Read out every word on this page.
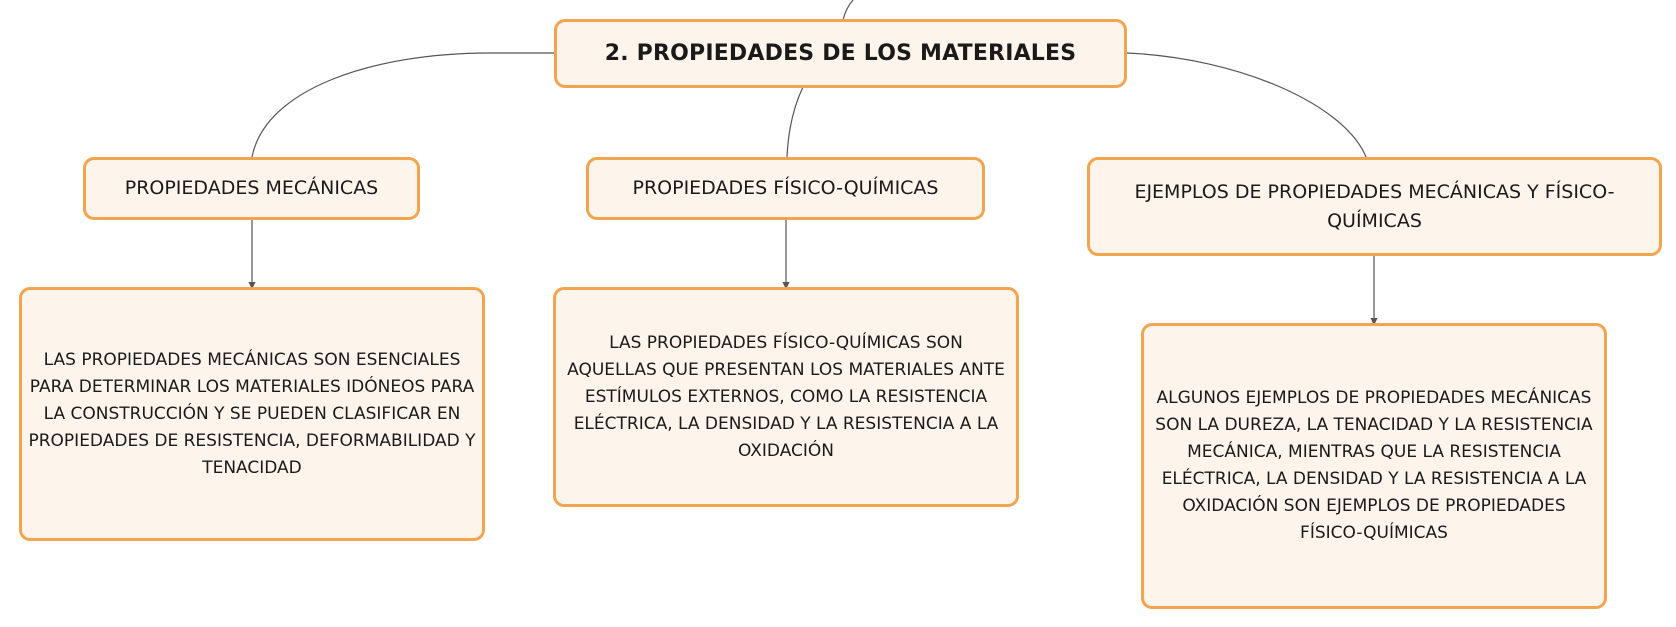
2. PROPIEDADES DE LOS MATERIALES
PROPIEDADES MECÁNICAS	PROPIEDADES FÍSICO-QUÍMICAS	EJEMPLOS DE PROPIEDADES MECÁNICAS Y FÍSICO-QUÍMICAS
LAS PROPIEDADES MECÁNICAS SON ESENCIALES PARA DETERMINAR LOS MATERIALES IDÓNEOS PARA LA CONSTRUCCIÓN Y SE PUEDEN CLASIFICAR EN PROPIEDADES DE RESISTENCIA, DEFORMABILIDAD Y TENACIDAD
LAS PROPIEDADES FÍSICO-QUÍMICAS SON AQUELLAS QUE PRESENTAN LOS MATERIALES ANTE ESTÍMULOS EXTERNOS, COMO LA RESISTENCIA ELÉCTRICA, LA DENSIDAD Y LA RESISTENCIA A LA OXIDACIÓN
ALGUNOS EJEMPLOS DE PROPIEDADES MECÁNICAS SON LA DUREZA, LA TENACIDAD Y LA RESISTENCIA MECÁNICA, MIENTRAS QUE LA RESISTENCIA ELÉCTRICA, LA DENSIDAD Y LA RESISTENCIA A LA OXIDACIÓN SON EJEMPLOS DE PROPIEDADES FÍSICO-QUÍMICAS
